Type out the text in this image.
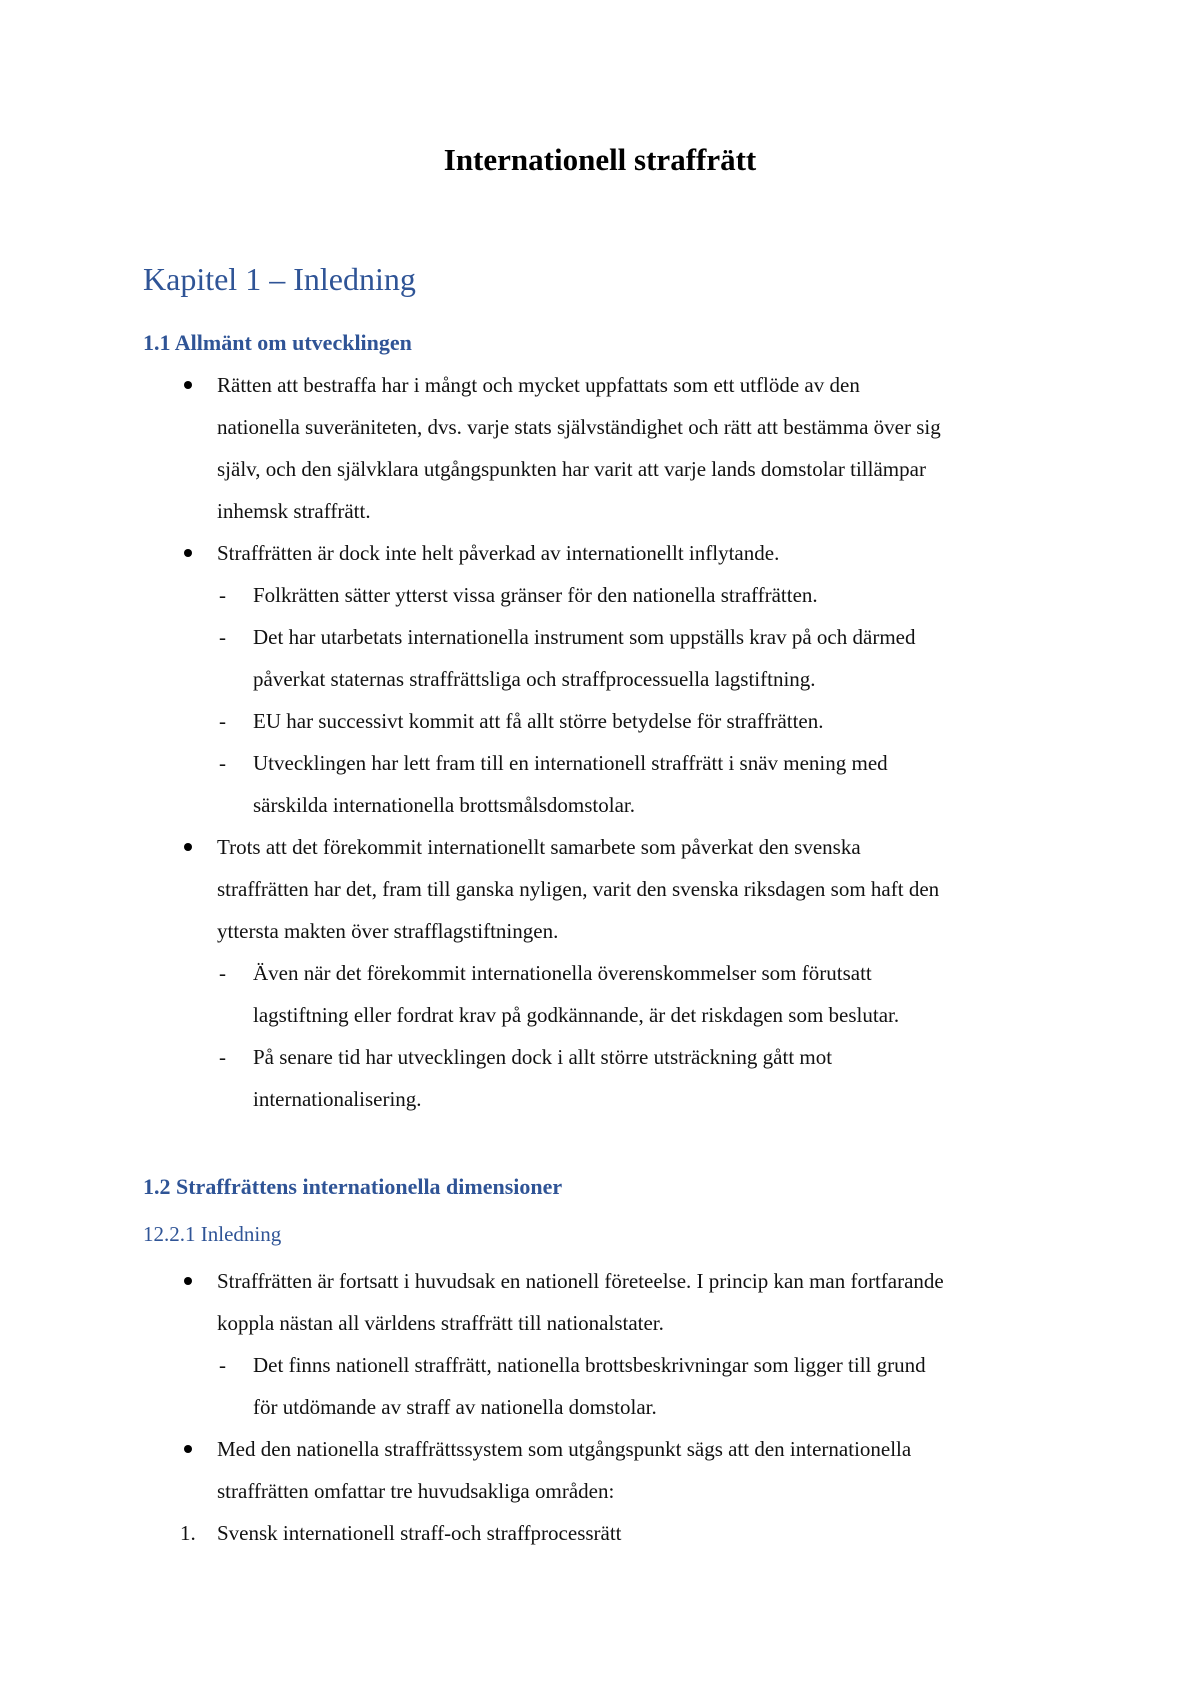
Internationell straffrätt
Kapitel 1 – Inledning
1.1 Allmänt om utvecklingen
Rätten att bestraffa har i mångt och mycket uppfattats som ett utflöde av den
nationella suveräniteten, dvs. varje stats självständighet och rätt att bestämma över sig
själv, och den självklara utgångspunkten har varit att varje lands domstolar tillämpar
inhemsk straffrätt.
Straffrätten är dock inte helt påverkad av internationellt inflytande.
- Folkrätten sätter ytterst vissa gränser för den nationella straffrätten.
- Det har utarbetats internationella instrument som uppställs krav på och därmed
påverkat staternas straffrättsliga och straffprocessuella lagstiftning.
- EU har successivt kommit att få allt större betydelse för straffrätten.
- Utvecklingen har lett fram till en internationell straffrätt i snäv mening med
särskilda internationella brottsmålsdomstolar.
Trots att det förekommit internationellt samarbete som påverkat den svenska
straffrätten har det, fram till ganska nyligen, varit den svenska riksdagen som haft den
yttersta makten över strafflagstiftningen.
- Även när det förekommit internationella överenskommelser som förutsatt
lagstiftning eller fordrat krav på godkännande, är det riskdagen som beslutar.
- På senare tid har utvecklingen dock i allt större utsträckning gått mot
internationalisering.
1.2 Straffrättens internationella dimensioner
12.2.1 Inledning
Straffrätten är fortsatt i huvudsak en nationell företeelse. I princip kan man fortfarande
koppla nästan all världens straffrätt till nationalstater.
- Det finns nationell straffrätt, nationella brottsbeskrivningar som ligger till grund
för utdömande av straff av nationella domstolar.
Med den nationella straffrättssystem som utgångspunkt sägs att den internationella
straffrätten omfattar tre huvudsakliga områden:
1. Svensk internationell straff-och straffprocessrätt
